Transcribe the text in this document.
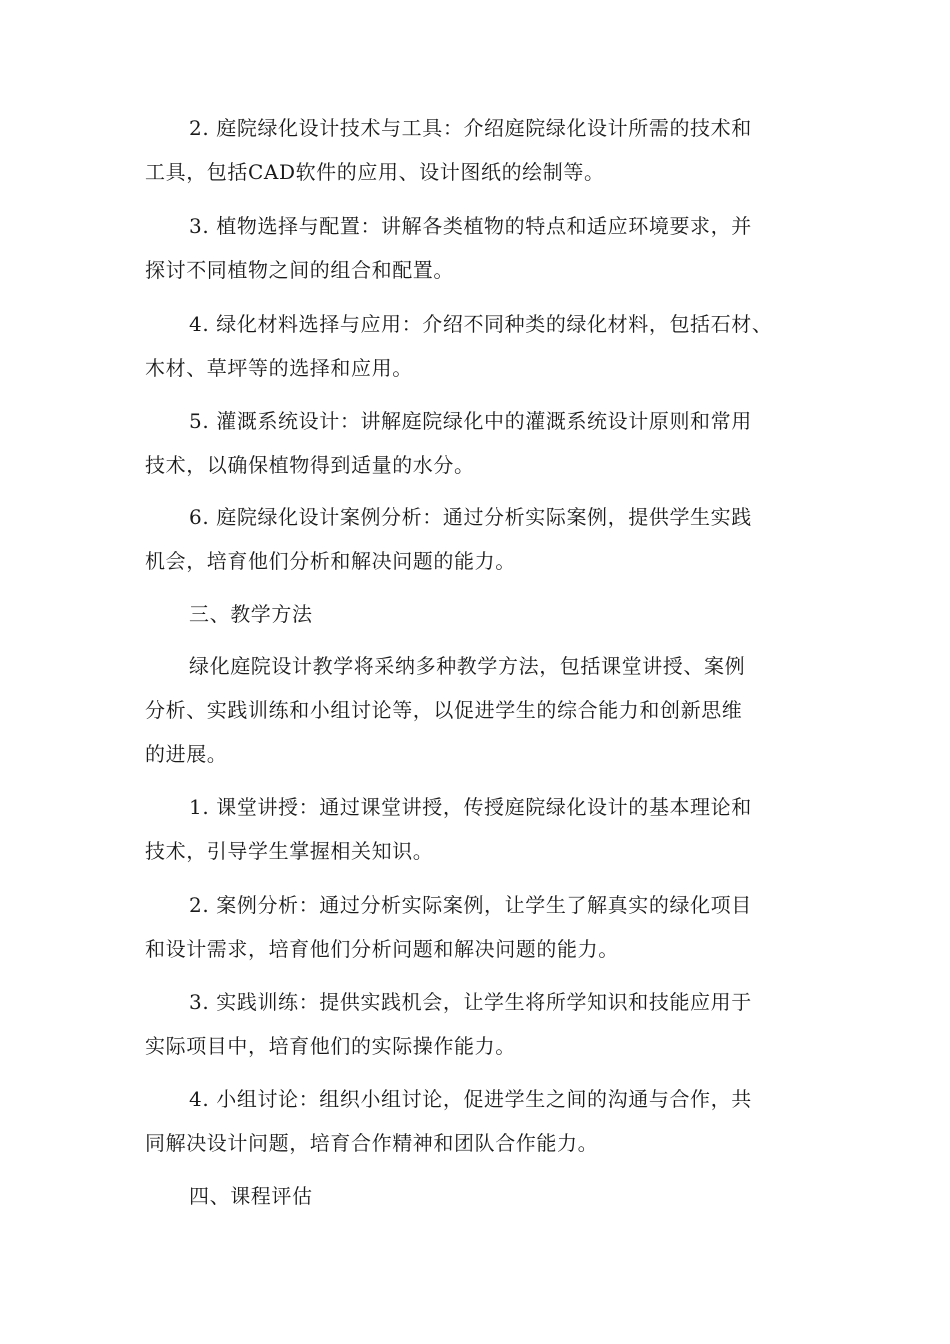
2. 庭院绿化设计技术与工具：介绍庭院绿化设计所需的技术和
工具，包括CAD软件的应用、设计图纸的绘制等。
3. 植物选择与配置：讲解各类植物的特点和适应环境要求，并
探讨不同植物之间的组合和配置。
4. 绿化材料选择与应用：介绍不同种类的绿化材料，包括石材、
木材、草坪等的选择和应用。
5. 灌溉系统设计：讲解庭院绿化中的灌溉系统设计原则和常用
技术，以确保植物得到适量的水分。
6. 庭院绿化设计案例分析：通过分析实际案例，提供学生实践
机会，培育他们分析和解决问题的能力。
三、教学方法
绿化庭院设计教学将采纳多种教学方法，包括课堂讲授、案例
分析、实践训练和小组讨论等，以促进学生的综合能力和创新思维
的进展。
1. 课堂讲授：通过课堂讲授，传授庭院绿化设计的基本理论和
技术，引导学生掌握相关知识。
2. 案例分析：通过分析实际案例，让学生了解真实的绿化项目
和设计需求，培育他们分析问题和解决问题的能力。
3. 实践训练：提供实践机会，让学生将所学知识和技能应用于
实际项目中，培育他们的实际操作能力。
4. 小组讨论：组织小组讨论，促进学生之间的沟通与合作，共
同解决设计问题，培育合作精神和团队合作能力。
四、课程评估
